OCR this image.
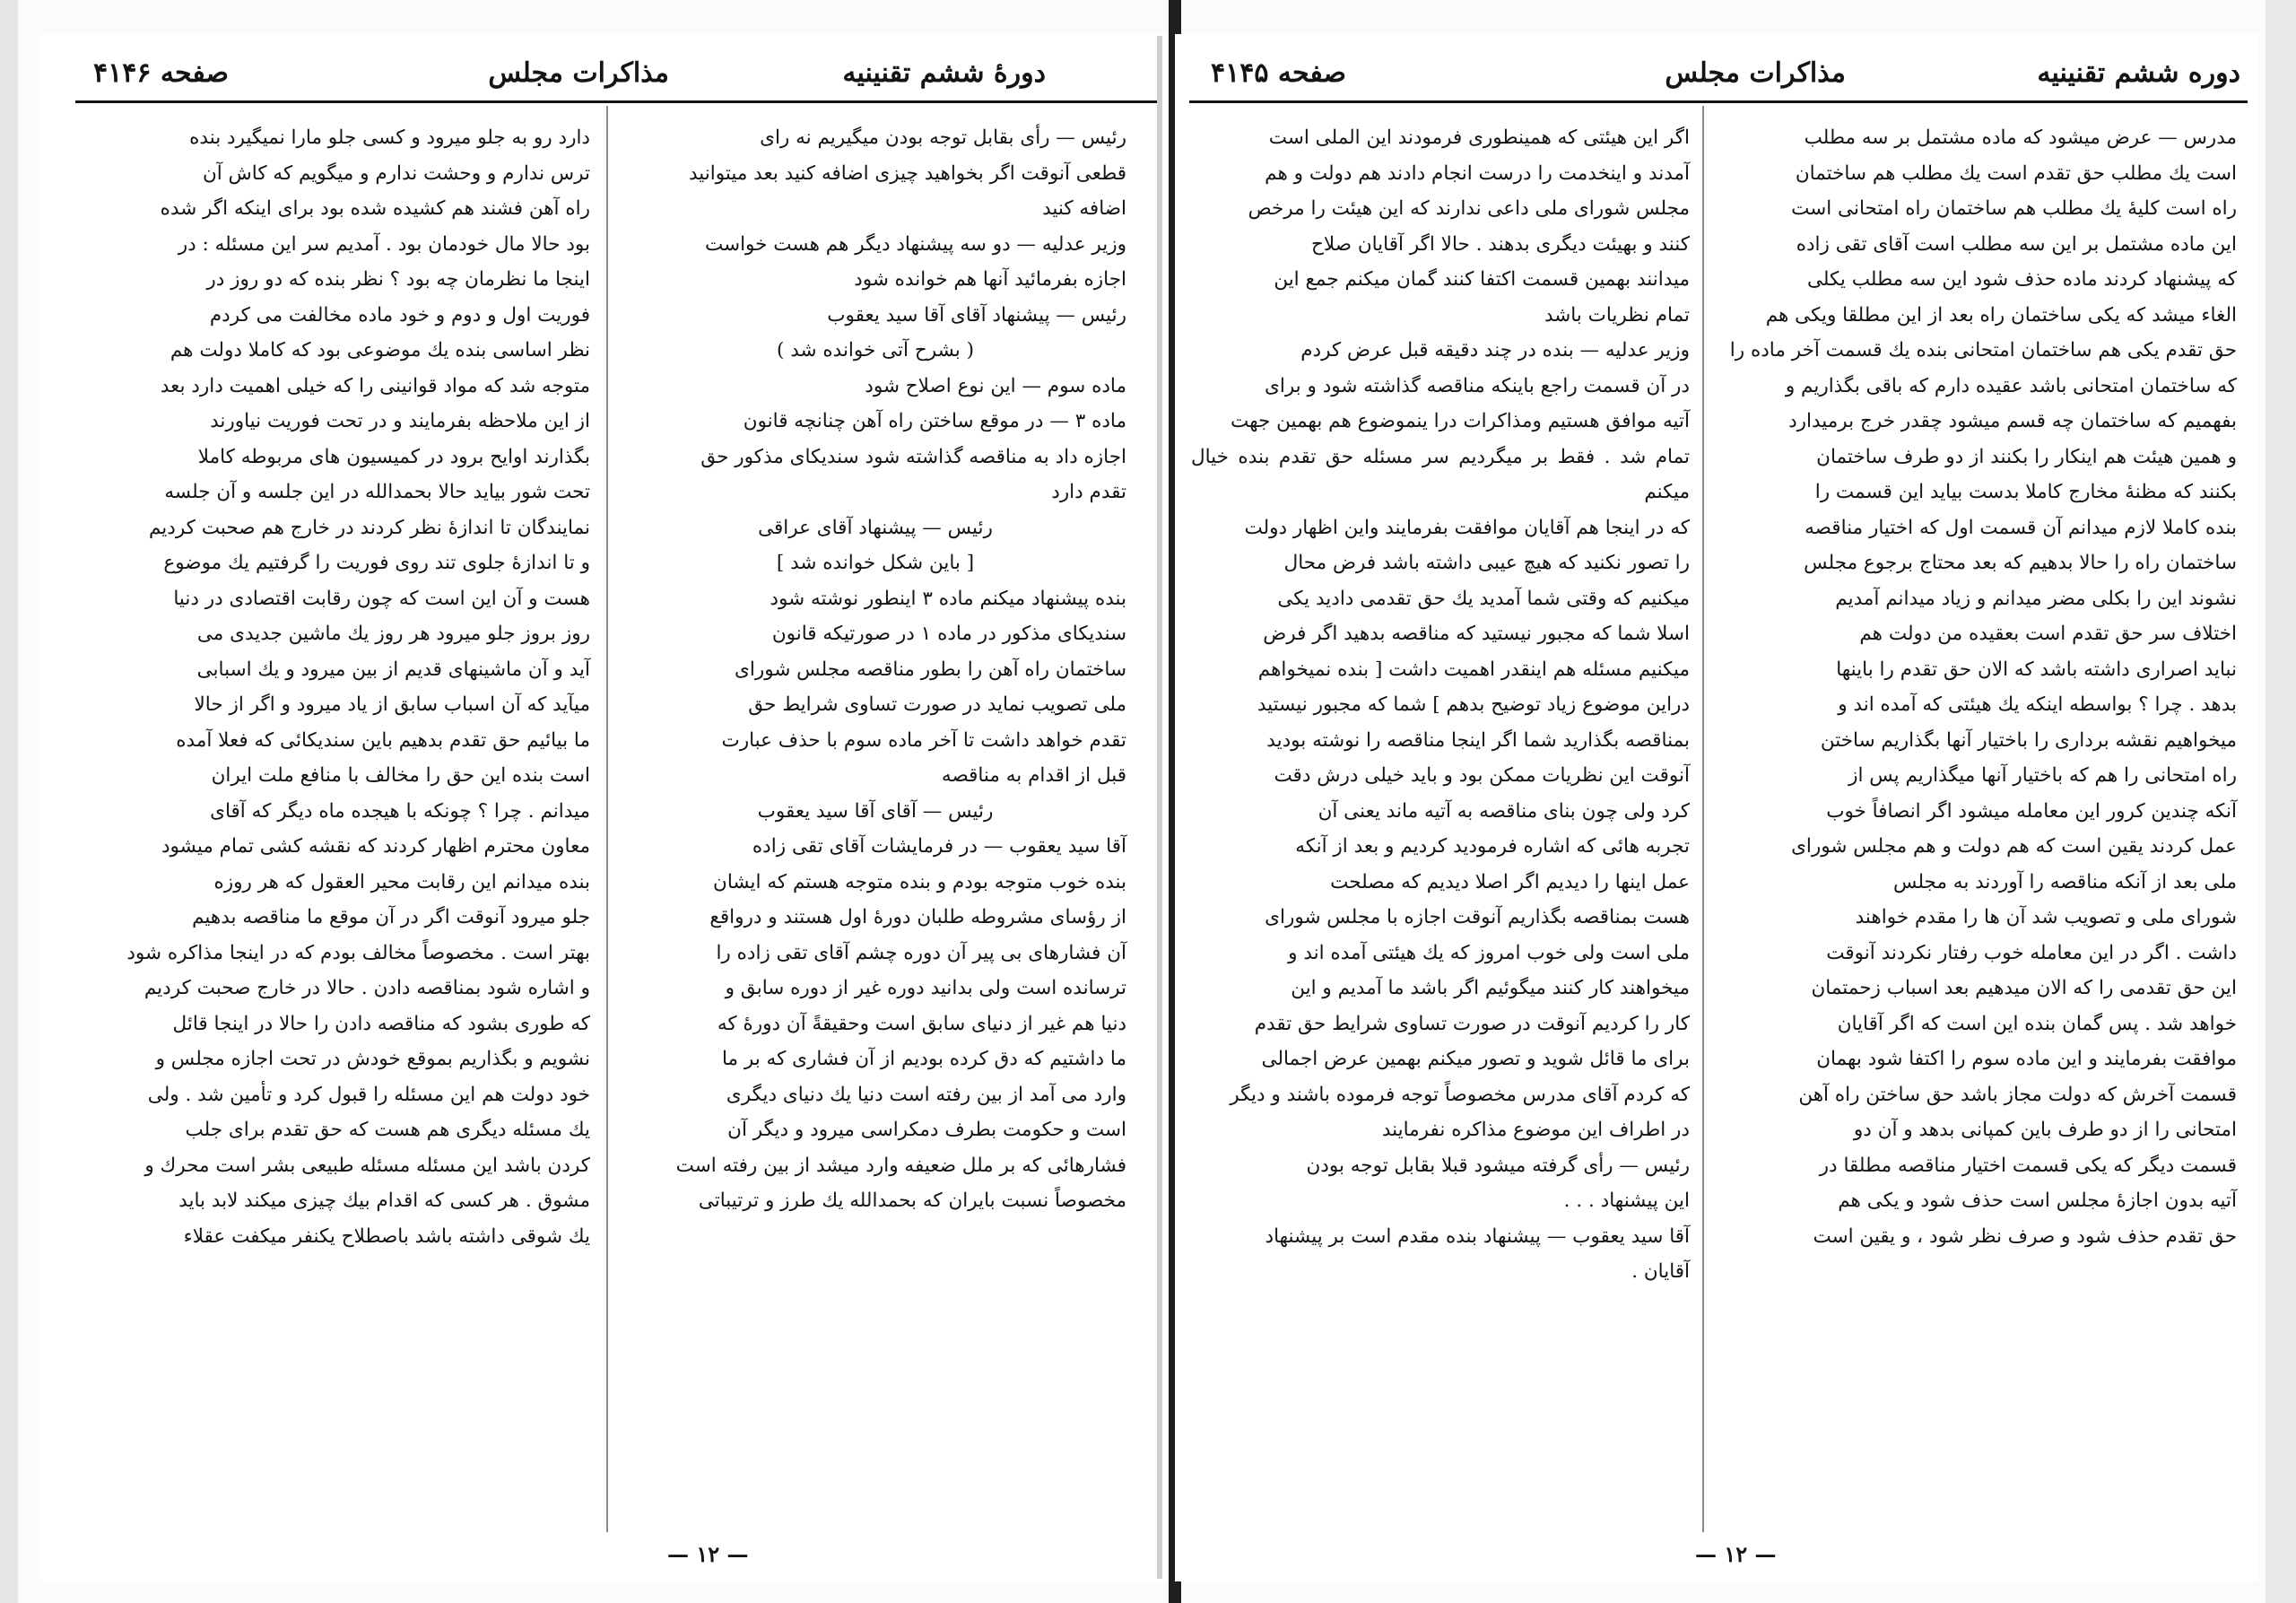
دورهٔ ششم تقنینیه
مذاکرات مجلس
صفحه ۴۱۴۶

رئیس — رأی بقابل توجه بودن میگیریم نه رای

قطعی آنوقت اگر بخواهید چیزی اضافه کنید بعد میتوانید

اضافه کنید

وزیر عدلیه — دو سه پیشنهاد دیگر هم هست خواست

اجازه بفرمائید آنها هم خوانده شود

رئیس — پیشنهاد آقای آقا سید یعقوب

( بشرح آتی خوانده شد )

ماده سوم — این نوع اصلاح شود

ماده ۳ — در موقع ساختن راه آهن چنانچه قانون

اجازه داد به مناقصه گذاشته شود سندیکای مذکور حق

تقدم دارد

رئیس — پیشنهاد آقای عراقی

[ باین شکل خوانده شد ]

بنده پیشنهاد میکنم ماده ۳ اینطور نوشته شود

سندیکای مذکور در ماده ۱ در صورتیکه قانون

ساختمان راه آهن را بطور مناقصه مجلس شورای

ملی تصویب نماید در صورت تساوی شرایط حق

تقدم خواهد داشت تا آخر ماده سوم با حذف عبارت

قبل از اقدام به مناقصه

رئیس — آقای آقا سید یعقوب

آقا سید یعقوب — در فرمایشات آقای تقی زاده

بنده خوب متوجه بودم و بنده متوجه هستم که ایشان

از رؤسای مشروطه طلبان دورهٔ اول هستند و درواقع

آن فشارهای بی پیر آن دوره چشم آقای تقی زاده را

ترسانده است ولی بدانید دوره غیر از دوره سابق و

دنیا هم غیر از دنیای سابق است وحقیقةً آن دورهٔ که

ما داشتیم که دق کرده بودیم از آن فشاری که بر ما

وارد می آمد از بین رفته است دنیا یك دنیای دیگری

است و حکومت بطرف دمکراسی میرود و دیگر آن

فشارهائی که بر ملل ضعیفه وارد میشد از بین رفته است

مخصوصاً نسبت بایران که بحمدالله یك طرز و ترتیباتی

دارد رو به جلو میرود و کسی جلو مارا نمیگیرد بنده

ترس ندارم و وحشت ندارم و میگویم که کاش آن

راه آهن فشند هم کشیده شده بود برای اینکه اگر شده

بود حالا مال خودمان بود . آمدیم سر این مسئله : در

اینجا ما نظرمان چه بود ؟ نظر بنده که دو روز در

فوریت اول و دوم و خود ماده مخالفت می کردم

نظر اساسی بنده یك موضوعی بود که کاملا دولت هم

متوجه شد که مواد قوانینی را که خیلی اهمیت دارد بعد

از این ملاحظه بفرمایند و در تحت فوریت نیاورند

بگذارند اوایح برود در کمیسیون های مربوطه کاملا

تحت شور بیاید حالا بحمدالله در این جلسه و آن جلسه

نمایندگان تا اندازهٔ نظر کردند در خارج هم صحبت کردیم

و تا اندازهٔ جلوی تند روی فوریت را گرفتیم یك موضوع

هست و آن این است که چون رقابت اقتصادی در دنیا

روز بروز جلو میرود هر روز یك ماشین جدیدی می

آید و آن ماشینهای قدیم از بین میرود و یك اسبابی

میآید که آن اسباب سابق از یاد میرود و اگر از حالا

ما بیائیم حق تقدم بدهیم باین سندیکائی که فعلا آمده

است بنده این حق را مخالف با منافع ملت ایران

میدانم . چرا ؟ چونکه با هیجده ماه دیگر که آقای

معاون محترم اظهار کردند که نقشه کشی تمام میشود

بنده میدانم این رقابت محیر العقول که هر روزه

جلو میرود آنوقت اگر در آن موقع ما مناقصه بدهیم

بهتر است . مخصوصاً مخالف بودم که در اینجا مذاکره شود

و اشاره شود بمناقصه دادن . حالا در خارج صحبت کردیم

که طوری بشود که مناقصه دادن را حالا در اینجا قائل

نشویم و بگذاریم بموقع خودش در تحت اجازه مجلس و

خود دولت هم این مسئله را قبول کرد و تأمین شد . ولی

یك مسئله دیگری هم هست که حق تقدم برای جلب

کردن باشد این مسئله مسئله طبیعی بشر است محرك و

مشوق . هر کسی که اقدام بیك چیزی میکند لابد باید

یك شوقی داشته باشد باصطلاح یکنفر میکفت عقلاء

— ۱۲ —
دوره ششم تقنینیه
مذاکرات مجلس
صفحه ۴۱۴۵

مدرس — عرض میشود که ماده مشتمل بر سه مطلب

است یك مطلب حق تقدم است یك مطلب هم ساختمان

راه است کلیهٔ یك مطلب هم ساختمان راه امتحانی است

این ماده مشتمل بر این سه مطلب است آقای تقی زاده

که پیشنهاد کردند ماده حذف شود این سه مطلب یکلی

الغاء میشد که یکی ساختمان راه بعد از این مطلقا ویکی هم

حق تقدم یکی هم ساختمان امتحانی بنده یك قسمت آخر ماده را

که ساختمان امتحانی باشد عقیده دارم که باقی بگذاریم و

بفهمیم که ساختمان چه قسم میشود چقدر خرج برمیدارد

و همین هیئت هم اینکار را بکنند از دو طرف ساختمان

بکنند که مظنهٔ مخارج کاملا بدست بیاید این قسمت را

بنده کاملا لازم میدانم آن قسمت اول که اختیار مناقصه

ساختمان راه را حالا بدهیم که بعد محتاج برجوع مجلس

نشوند این را بکلی مضر میدانم و زیاد میدانم آمدیم

اختلاف سر حق تقدم است بعقیده من دولت هم

نباید اصراری داشته باشد که الان حق تقدم را باینها

بدهد . چرا ؟ بواسطه اینکه یك هیئتی که آمده اند و

میخواهیم نقشه برداری را باختیار آنها بگذاریم ساختن

راه امتحانی را هم که باختیار آنها میگذاریم پس از

آنکه چندین کرور این معامله میشود اگر انصافاً خوب

عمل کردند یقین است که هم دولت و هم مجلس شورای

ملی بعد از آنکه مناقصه را آوردند به مجلس

شورای ملی و تصویب شد آن ها را مقدم خواهند

داشت . اگر در این معامله خوب رفتار نکردند آنوقت

این حق تقدمی را که الان میدهیم بعد اسباب زحمتمان

خواهد شد . پس گمان بنده این است که اگر آقایان

موافقت بفرمایند و این ماده سوم را اکتفا شود بهمان

قسمت آخرش که دولت مجاز باشد حق ساختن راه آهن

امتحانی را از دو طرف باین کمپانی بدهد و آن دو

قسمت دیگر که یکی قسمت اختیار مناقصه مطلقا در

آتیه بدون اجازهٔ مجلس است حذف شود و یکی هم

حق تقدم حذف شود و صرف نظر شود ، و یقین است

اگر این هیئتی که همینطوری فرمودند این الملی است

آمدند و اینخدمت را درست انجام دادند هم دولت و هم

مجلس شورای ملی داعی ندارند که این هیئت را مرخص

کنند و بهیئت دیگری بدهند . حالا اگر آقایان صلاح

میدانند بهمین قسمت اکتفا کنند گمان میکنم جمع این

تمام نظریات باشد

وزیر عدلیه — بنده در چند دقیقه قبل عرض کردم

در آن قسمت راجع باینکه مناقصه گذاشته شود و برای

آتیه موافق هستیم ومذاکرات درا ینموضوع هم بهمین جهت

تمام شد . فقط بر میگردیم سر مسئله حق تقدم بنده خیال میکنم

که در اینجا هم آقایان موافقت بفرمایند واین اظهار دولت

را تصور نکنید که هیچ عیبی داشته باشد فرض محال

میکنیم که وقتی شما آمدید یك حق تقدمی دادید یکی

اسلا شما که مجبور نیستید که مناقصه بدهید اگر فرض

میکنیم مسئله هم اینقدر اهمیت داشت [ بنده نمیخواهم

دراین موضوع زیاد توضیح بدهم ] شما که مجبور نیستید

بمناقصه بگذارید شما اگر اینجا مناقصه را نوشته بودید

آنوقت این نظریات ممکن بود و باید خیلی درش دقت

کرد ولی چون بنای مناقصه به آتیه ماند یعنی آن

تجربه هائی که اشاره فرمودید کردیم و بعد از آنکه

عمل اینها را دیدیم اگر اصلا دیدیم که مصلحت

هست بمناقصه بگذاریم آنوقت اجازه با مجلس شورای

ملی است ولی خوب امروز که یك هیئتی آمده اند و

میخواهند کار کنند میگوئیم اگر باشد ما آمدیم و این

کار را کردیم آنوقت در صورت تساوی شرایط حق تقدم

برای ما قائل شوید و تصور میکنم بهمین عرض اجمالی

که کردم آقای مدرس مخصوصاً توجه فرموده باشند و دیگر

در اطراف این موضوع مذاکره نفرمایند

رئیس — رأی گرفته میشود قبلا بقابل توجه بودن

این پیشنهاد . . .

آقا سید یعقوب — پیشنهاد بنده مقدم است بر پیشنهاد

آقایان .

— ۱۲ —
